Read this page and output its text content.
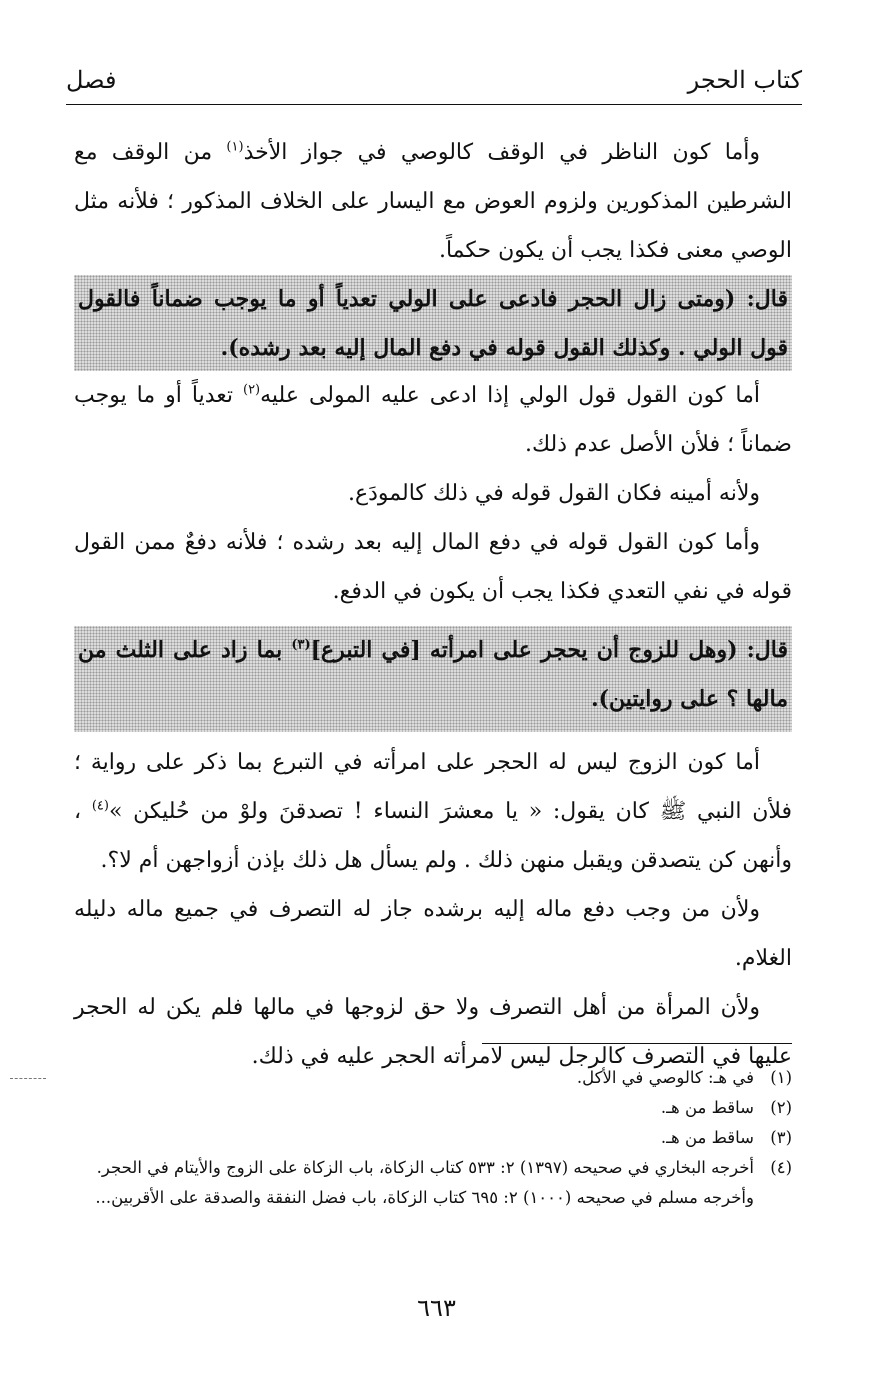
كتاب الحجر
فصل

وأما كون الناظر في الوقف كالوصي في جواز الأخذ$^{(١)}$ من الوقف مع الشرطين المذكورين ولزوم العوض مع اليسار على الخلاف المذكور ؛ فلأنه مثل الوصي معنى فكذا يجب أن يكون حكماً.

قال: (ومتى زال الحجر فادعى على الولي تعدياً أو ما يوجب ضماناً فالقول قول الولي . وكذلك القول قوله في دفع المال إليه بعد رشده).

أما كون القول قول الولي إذا ادعى عليه المولى عليه$^{(٢)}$ تعدياً أو ما يوجب ضماناً ؛ فلأن الأصل عدم ذلك.

ولأنه أمينه فكان القول قوله في ذلك كالمودَع.

وأما كون القول قوله في دفع المال إليه بعد رشده ؛ فلأنه دفعٌ ممن القول قوله في نفي التعدي فكذا يجب أن يكون في الدفع.

قال: (وهل للزوج أن يحجر على امرأته [في التبرع]$^{(٣)}$ بما زاد على الثلث من مالها ؟ على روايتين).

أما كون الزوج ليس له الحجر على امرأته في التبرع بما ذكر على رواية ؛ فلأن النبي ﷺ كان يقول: « يا معشرَ النساء ! تصدقنَ ولوْ من حُليكن »$^{(٤)}$ ، وأنهن كن يتصدقن ويقبل منهن ذلك . ولم يسأل هل ذلك بإذن أزواجهن أم لا؟.

ولأن من وجب دفع ماله إليه برشده جاز له التصرف في جميع ماله دليله الغلام.

ولأن المرأة من أهل التصرف ولا حق لزوجها في مالها فلم يكن له الحجر عليها في التصرف كالرجل ليس لامرأته الحجر عليه في ذلك.

(١)
في هـ: كالوصي في الأكل.
(٢)
ساقط من هـ.
(٣)
ساقط من هـ.
(٤)
أخرجه البخاري في صحيحه (١٣٩٧) ٢: ٥٣٣ كتاب الزكاة، باب الزكاة على الزوج والأيتام في الحجر.
وأخرجه مسلم في صحيحه (١٠٠٠) ٢: ٦٩٥ كتاب الزكاة، باب فضل النفقة والصدقة على الأقربين...
٦٦٣
